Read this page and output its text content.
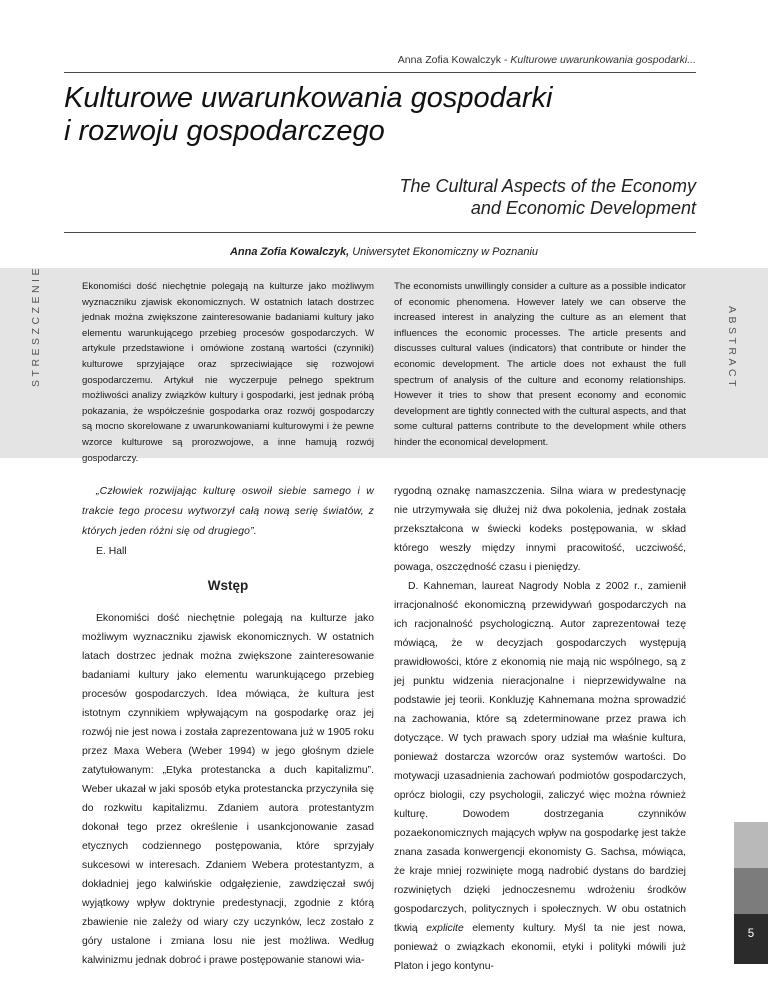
Anna Zofia Kowalczyk - Kulturowe uwarunkowania gospodarki...
Kulturowe uwarunkowania gospodarki
i rozwoju gospodarczego
The Cultural Aspects of the Economy
and Economic Development
Anna Zofia Kowalczyk, Uniwersytet Ekonomiczny w Poznaniu
STRESZCZENIE	ABSTRACT

Ekonomiści dość niechętnie polegają na kulturze jako możliwym wyznaczniku zjawisk ekonomicznych. W ostatnich latach dostrzec jednak można zwiększone zainteresowanie badaniami kultury jako elementu warunkującego przebieg procesów gospodarczych. W artykule przedstawione i omówione zostaną wartości (czynniki) kulturowe sprzyjające oraz sprzeciwiające się rozwojowi gospodarczemu. Artykuł nie wyczerpuje pełnego spektrum możliwości analizy związków kultury i gospodarki, jest jednak próbą pokazania, że współcześnie gospodarka oraz rozwój gospodarczy są mocno skorelowane z uwarunkowaniami kulturowymi i że pewne wzorce kulturowe są prorozwojowe, a inne hamują rozwój gospodarczy.

The economists unwillingly consider a culture as a possible indicator of economic phenomena. However lately we can observe the increased interest in analyzing the culture as an element that influences the economic processes. The article presents and discusses cultural values (indicators) that contribute or hinder the economic development. The article does not exhaust the full spectrum of analysis of the culture and economy relationships. However it tries to show that present economy and economic development are tightly connected with the cultural aspects, and that some cultural patterns contribute to the development while others hinder the economical development.

„Człowiek rozwijając kulturę oswoił siebie samego i w trakcie tego procesu wytworzył całą nową serię światów, z których jeden różni się od drugiego”.

E. Hall

Wstęp

Ekonomiści dość niechętnie polegają na kulturze jako możliwym wyznaczniku zjawisk ekonomicznych. W ostatnich latach dostrzec jednak można zwiększone zainteresowanie badaniami kultury jako elementu warunkującego przebieg procesów gospodarczych. Idea mówiąca, że kultura jest istotnym czynnikiem wpływającym na gospodarkę oraz jej rozwój nie jest nowa i została zaprezentowana już w 1905 roku przez Maxa Webera (Weber 1994) w jego głośnym dziele zatytułowanym: „Etyka protestancka a duch kapitalizmu”. Weber ukazał w jaki sposób etyka protestancka przyczyniła się do rozkwitu kapitalizmu. Zdaniem autora protestantyzm dokonał tego przez określenie i usankcjonowanie zasad etycznych codziennego postępowania, które sprzyjały sukcesowi w interesach. Zdaniem Webera protestantyzm, a dokładniej jego kalwińskie odgałęzienie, zawdzięczał swój wyjątkowy wpływ doktrynie predestynacji, zgodnie z którą zbawienie nie zależy od wiary czy uczynków, lecz zostało z góry ustalone i zmiana losu nie jest możliwa. Według kalwinizmu jednak dobroć i prawe postępowanie stanowi wia-

rygodną oznakę namaszczenia. Silna wiara w predestynację nie utrzymywała się dłużej niż dwa pokolenia, jednak została przekształcona w świecki kodeks postępowania, w skład którego weszły między innymi pracowitość, uczciwość, powaga, oszczędność czasu i pieniędzy.

D. Kahneman, laureat Nagrody Nobla z 2002 r., zamienił irracjonalność ekonomiczną przewidywań gospodarczych na ich racjonalność psychologiczną. Autor zaprezentował tezę mówiącą, że w decyzjach gospodarczych występują prawidłowości, które z ekonomią nie mają nic wspólnego, są z jej punktu widzenia nieracjonalne i nieprzewidywalne na podstawie jej teorii. Konkluzję Kahnemana można sprowadzić na zachowania, które są zdeterminowane przez prawa ich dotyczące. W tych prawach spory udział ma właśnie kultura, ponieważ dostarcza wzorców oraz systemów wartości. Do motywacji uzasadnienia zachowań podmiotów gospodarczych, oprócz biologii, czy psychologii, zaliczyć więc można również kulturę. Dowodem dostrzegania czynników pozaekonomicznych mających wpływ na gospodarkę jest także znana zasada konwergencji ekonomisty G. Sachsa, mówiąca, że kraje mniej rozwinięte mogą nadrobić dystans do bardziej rozwiniętych dzięki jednoczesnemu wdrożeniu środków gospodarczych, politycznych i społecznych. W obu ostatnich tkwią explicite elementy kultury. Myśl ta nie jest nowa, ponieważ o związkach ekonomii, etyki i polityki mówili już Platon i jego kontynu-

5
